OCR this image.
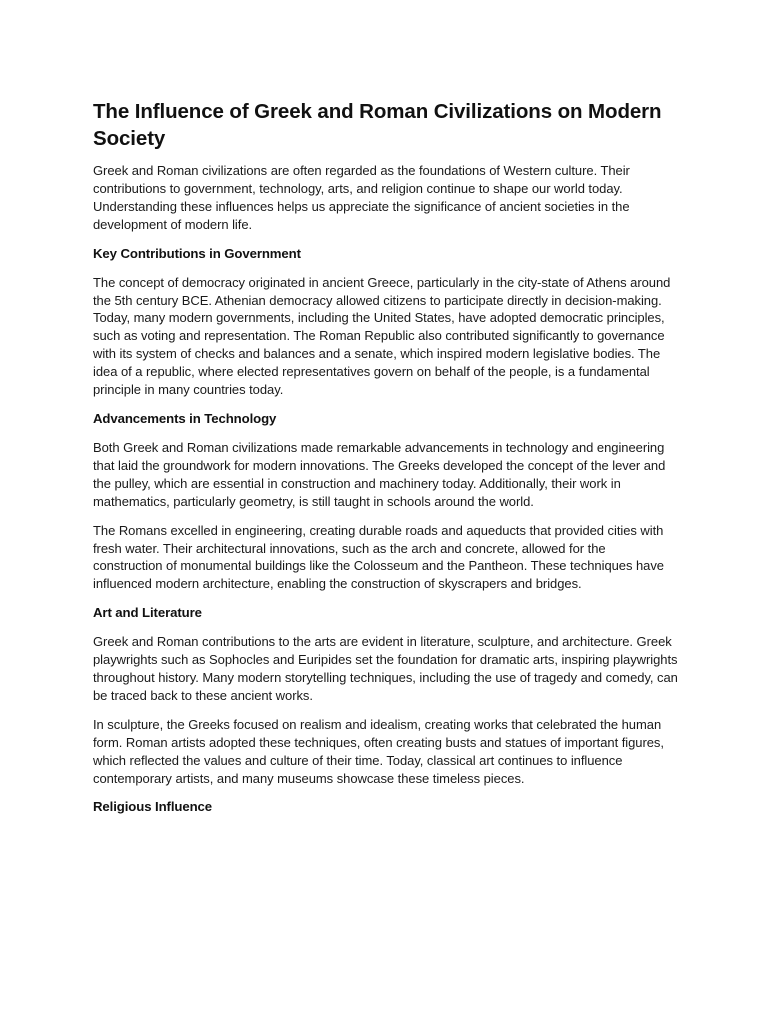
The Influence of Greek and Roman Civilizations on Modern Society

Greek and Roman civilizations are often regarded as the foundations of Western culture. Their contributions to government, technology, arts, and religion continue to shape our world today. Understanding these influences helps us appreciate the significance of ancient societies in the development of modern life.

Key Contributions in Government

The concept of democracy originated in ancient Greece, particularly in the city-state of Athens around the 5th century BCE. Athenian democracy allowed citizens to participate directly in decision-making. Today, many modern governments, including the United States, have adopted democratic principles, such as voting and representation. The Roman Republic also contributed significantly to governance with its system of checks and balances and a senate, which inspired modern legislative bodies. The idea of a republic, where elected representatives govern on behalf of the people, is a fundamental principle in many countries today.

Advancements in Technology

Both Greek and Roman civilizations made remarkable advancements in technology and engineering that laid the groundwork for modern innovations. The Greeks developed the concept of the lever and the pulley, which are essential in construction and machinery today. Additionally, their work in mathematics, particularly geometry, is still taught in schools around the world.

The Romans excelled in engineering, creating durable roads and aqueducts that provided cities with fresh water. Their architectural innovations, such as the arch and concrete, allowed for the construction of monumental buildings like the Colosseum and the Pantheon. These techniques have influenced modern architecture, enabling the construction of skyscrapers and bridges.

Art and Literature

Greek and Roman contributions to the arts are evident in literature, sculpture, and architecture. Greek playwrights such as Sophocles and Euripides set the foundation for dramatic arts, inspiring playwrights throughout history. Many modern storytelling techniques, including the use of tragedy and comedy, can be traced back to these ancient works.

In sculpture, the Greeks focused on realism and idealism, creating works that celebrated the human form. Roman artists adopted these techniques, often creating busts and statues of important figures, which reflected the values and culture of their time. Today, classical art continues to influence contemporary artists, and many museums showcase these timeless pieces.

Religious Influence
